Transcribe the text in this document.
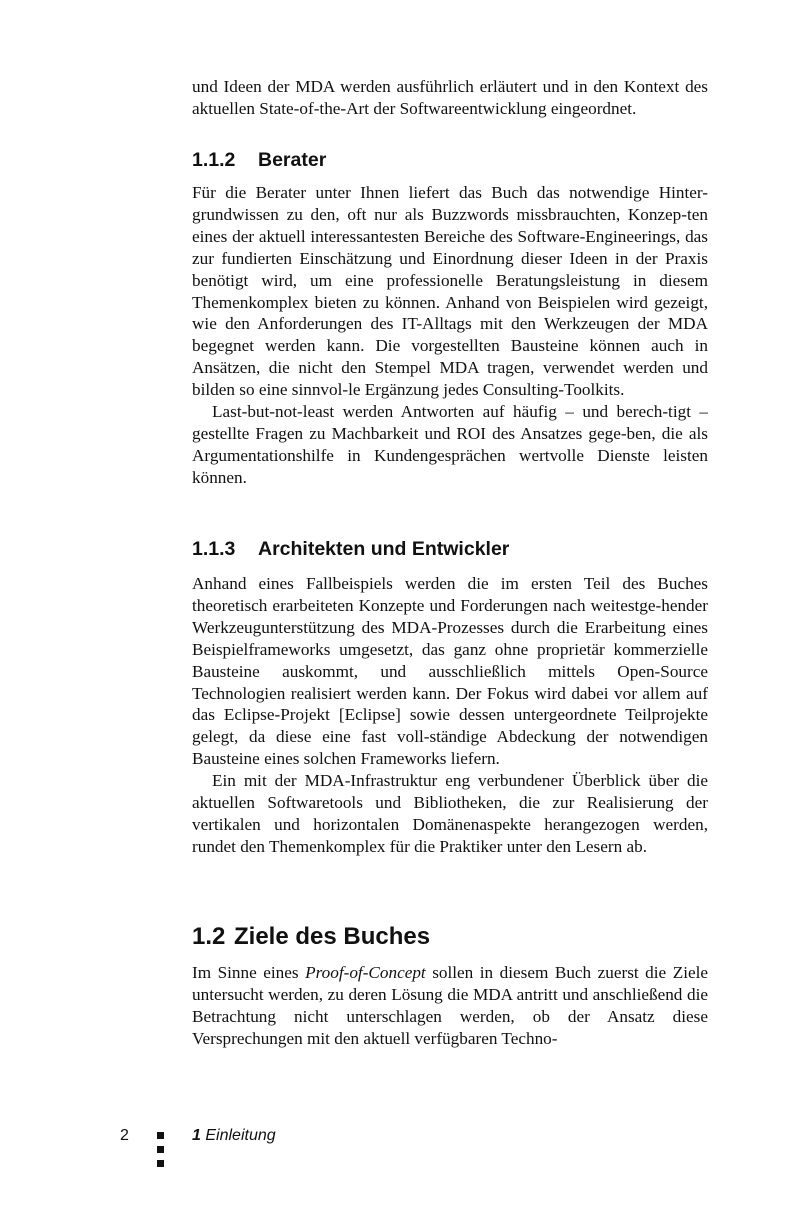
und Ideen der MDA werden ausführlich erläutert und in den Kontext des aktuellen State-of-the-Art der Softwareentwicklung eingeordnet.

1.1.2 Berater

Für die Berater unter Ihnen liefert das Buch das notwendige Hinter-grundwissen zu den, oft nur als Buzzwords missbrauchten, Konzep-ten eines der aktuell interessantesten Bereiche des Software-Engineerings, das zur fundierten Einschätzung und Einordnung dieser Ideen in der Praxis benötigt wird, um eine professionelle Beratungsleistung in diesem Themenkomplex bieten zu können. Anhand von Beispielen wird gezeigt, wie den Anforderungen des IT-Alltags mit den Werkzeugen der MDA begegnet werden kann. Die vorgestellten Bausteine können auch in Ansätzen, die nicht den Stempel MDA tragen, verwendet werden und bilden so eine sinnvol-le Ergänzung jedes Consulting-Toolkits.

Last-but-not-least werden Antworten auf häufig – und berech-tigt – gestellte Fragen zu Machbarkeit und ROI des Ansatzes gege-ben, die als Argumentationshilfe in Kundengesprächen wertvolle Dienste leisten können.

1.1.3 Architekten und Entwickler

Anhand eines Fallbeispiels werden die im ersten Teil des Buches theoretisch erarbeiteten Konzepte und Forderungen nach weitestge-hender Werkzeugunterstützung des MDA-Prozesses durch die Erarbeitung eines Beispielframeworks umgesetzt, das ganz ohne proprietär kommerzielle Bausteine auskommt, und ausschließlich mittels Open-Source Technologien realisiert werden kann. Der Fokus wird dabei vor allem auf das Eclipse-Projekt [Eclipse] sowie dessen untergeordnete Teilprojekte gelegt, da diese eine fast voll-ständige Abdeckung der notwendigen Bausteine eines solchen Frameworks liefern.

Ein mit der MDA-Infrastruktur eng verbundener Überblick über die aktuellen Softwaretools und Bibliotheken, die zur Realisierung der vertikalen und horizontalen Domänenaspekte herangezogen werden, rundet den Themenkomplex für die Praktiker unter den Lesern ab.

1.2 Ziele des Buches

Im Sinne eines Proof-of-Concept sollen in diesem Buch zuerst die Ziele untersucht werden, zu deren Lösung die MDA antritt und anschließend die Betrachtung nicht unterschlagen werden, ob der Ansatz diese Versprechungen mit den aktuell verfügbaren Techno-

2	1 Einleitung
